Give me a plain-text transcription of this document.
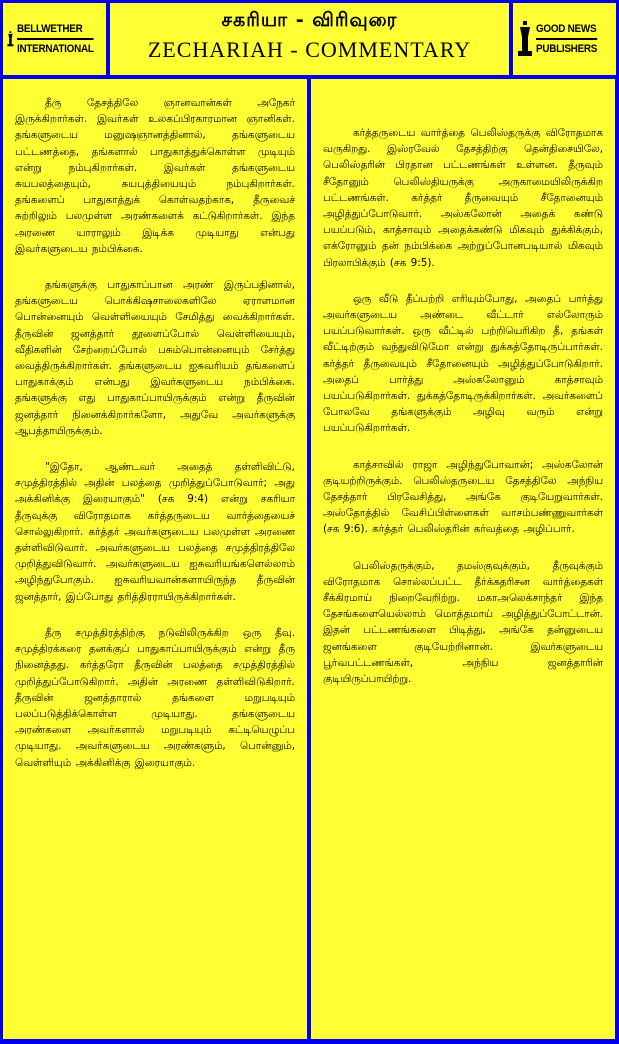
BELLWETHER
INTERNATIONAL
சகரியா - விரிவுரை
ZECHARIAH - COMMENTARY
GOOD NEWS
PUBLISHERS

தீரு தேசத்திலே ஞானவான்கள் அநேகர் இருக்கிறார்கள். இவர்கள் உலகப்பிரகாரமான ஞானிகள். தங்களுடைய மனுஷஞானத்தினால், தங்களுடைய பட்டணத்தை, தங்களால் பாதுகாத்துக்கொள்ள முடியும் என்று நம்புகிறார்கள். இவர்கள் தங்களுடைய சுயபலத்தையும், சுயபுத்தியையும் நம்புகிறார்கள். தங்களைப் பாதுகாத்துக் கொள்வதற்காக, தீருவைச் சுற்றிலும் பலமுள்ள அரண்களைக் கட்டுகிறார்கள். இந்த அரணை யாராலும் இடிக்க முடியாது என்பது இவர்களுடைய நம்பிக்கை.

தங்களுக்கு பாதுகாப்பான அரண் இருப்பதினால், தங்களுடைய பொக்கிஷசாலைகளிலே ஏராளமான பொன்னையும் வெள்ளியையும் சேமித்து வைக்கிறார்கள். தீருவின் ஜனத்தார் தூளைப்போல் வெள்ளியையும், வீதிகளின் சேற்றைப்போல் பசும்பொன்னையும் சேர்த்து வைத்திருக்கிறார்கள். தங்களுடைய ஐசுவரியம் தங்களைப் பாதுகாக்கும் என்பது இவர்களுடைய நம்பிக்கை. தங்களுக்கு எது பாதுகாப்பாயிருக்கும் என்று தீருவின் ஜனத்தார் நினைக்கிறார்களோ, அதுவே அவர்களுக்கு ஆபத்தாயிருக்கும்.

"இதோ, ஆண்டவர் அதைத் தள்ளிவிட்டு, சமுத்திரத்தில் அதின் பலத்தை முறித்துப்போடுவார்; அது அக்கினிக்கு இரையாகும்" (சக 9:4) என்று சகரியா தீருவுக்கு விரோதமாக கர்த்தருடைய வார்த்தையைச் சொல்லுகிறார். கர்த்தர் அவர்களுடைய பலமுள்ள அரணை தள்ளிவிடுவார். அவர்களுடைய பலத்தை சமுத்திரத்திலே முறித்துவிடுவார். அவர்களுடைய ஐசுவரியங்களெல்லாம் அழிந்துபோகும். ஐசுவரியவான்களாயிருந்த தீருவின் ஜனத்தார், இப்போது தரித்திரராயிருக்கிறார்கள்.

தீரு சமுத்திரத்திற்கு நடுவிலிருக்கிற ஒரு தீவு. சமுத்திரக்கரை தனக்குப் பாதுகாப்பாயிருக்கும் என்று தீரு நினைத்தது. கர்த்தரோ தீருவின் பலத்தை சமுத்திரத்தில் முறித்துப்போடுகிறார். அதின் அரணை தள்ளிவிடுகிறார். தீருவின் ஜனத்தாரால் தங்களை மறுபடியும் பலப்படுத்திக்கொள்ள முடியாது. தங்களுடைய அரண்களை அவர்களால் மறுபடியும் கட்டியெழுப்ப முடியாது. அவர்களுடைய அரண்களும், பொன்னும், வெள்ளியும் அக்கினிக்கு இரையாகும்.

கர்த்தருடைய வார்த்தை பெலிஸ்தருக்கு விரோதமாக வருகிறது. இஸ்ரவேல் தேசத்திற்கு தென்திசையிலே, பெலிஸ்தரின் பிரதான பட்டணங்கள் உள்ளன. தீருவும் சீதோனும் பெலிஸ்தியருக்கு அருகாமையிலிருக்கிற பட்டணங்கள். கர்த்தர் தீருவையும் சீதோனையும் அழித்துப்போடுவார். அஸ்கலோன் அதைக் கண்டு பயப்படும், காத்சாவும் அதைக்கண்டு மிகவும் துக்கிக்கும், எக்ரோனும் தன் நம்பிக்கை அற்றுப்போனபடியால் மிகவும் பிரலாபிக்கும் (சக 9:5).

ஒரு வீடு தீப்பற்றி எரியும்போது, அதைப் பார்த்து அவர்களுடைய அண்டை வீட்டார் எல்லோரும் பயப்படுவார்கள். ஒரு வீட்டில் பற்றியெரிகிற தீ, தங்கள் வீட்டிற்கும் வந்துவிடுமோ என்று துக்கத்தோடிருப்பார்கள். கர்த்தர் தீருவையும் சீதோனையும் அழித்துப்போடுகிறார். அதைப் பார்த்து அஸ்கலோனும் காத்சாவும் பயப்படுகிறார்கள். துக்கத்தோடிருக்கிறார்கள். அவர்களைப் போலவே தங்களுக்கும் அழிவு வரும் என்று பயப்படுகிறார்கள்.

காத்சாவில் ராஜா அழிந்துபோவான்; அஸ்கலோன் குடியற்றிருக்கும். பெலிஸ்தருடைய தேசத்திலே அந்நிய தேசத்தார் பிரவேசித்து, அங்கே குடியேறுவார்கள். அஸ்தோத்தில் வேசிப்பிள்ளைகள் வாசம்பண்ணுவார்கள் (சக 9:6). கர்த்தர் பெலிஸ்தரின் கர்வத்தை அழிப்பார்.

பெலிஸ்தருக்கும், தமஸ்குவுக்கும், தீருவுக்கும் விரோதமாக சொல்லப்பட்ட தீர்க்கதரிசன வார்த்தைகள் சீக்கிரமாய் நிறைவேறிற்று. மகாஅலெக்சாந்தர் இந்த தேசங்களையெல்லாம் மொத்தமாய் அழித்துப்போட்டான். இதன் பட்டணங்களை பிடித்து, அங்கே தன்னுடைய ஜனங்களை குடியேற்றினான். இவர்களுடைய பூர்வபட்டணங்கள், அந்நிய ஜனத்தாரின் குடியிருப்பாயிற்று.
